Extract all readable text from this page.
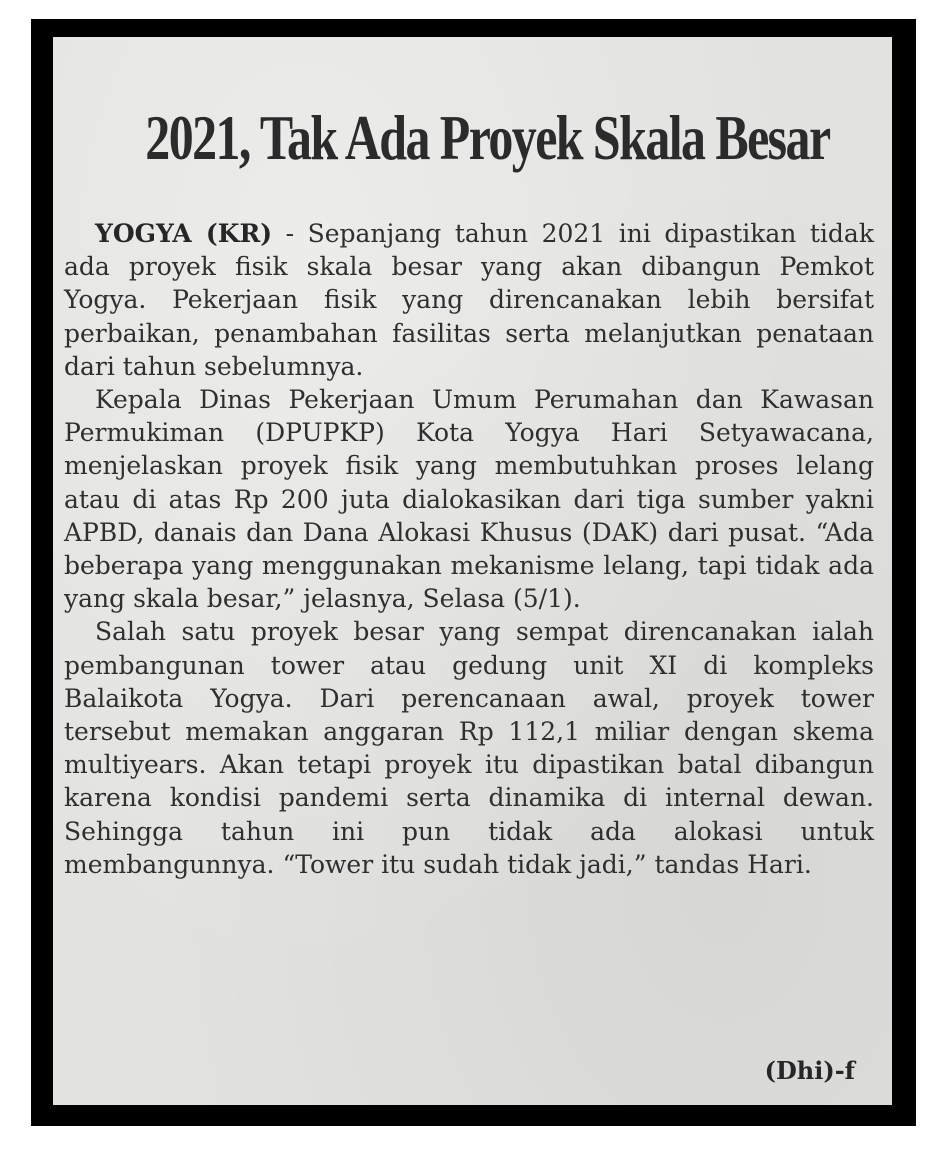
2021, Tak Ada Proyek Skala Besar

YOGYA (KR) - Sepanjang tahun 2021 ini dipastikan tidak ada proyek fisik skala besar yang akan dibangun Pemkot Yogya. Pekerjaan fisik yang direncanakan lebih bersifat perbaikan, penambahan fasilitas serta melanjutkan penataan dari tahun sebelumnya.

Kepala Dinas Pekerjaan Umum Perumahan dan Kawasan Permukiman (DPUPKP) Kota Yogya Hari Setyawacana, menjelaskan proyek fisik yang membutuhkan proses lelang atau di atas Rp 200 juta dialokasikan dari tiga sumber yakni APBD, danais dan Dana Alokasi Khusus (DAK) dari pusat. “Ada beberapa yang menggunakan mekanisme lelang, tapi tidak ada yang skala besar,” jelasnya, Selasa (5/1).

Salah satu proyek besar yang sempat direncanakan ialah pembangunan tower atau gedung unit XI di kompleks Balaikota Yogya. Dari perencanaan awal, proyek tower tersebut memakan anggaran Rp 112,1 miliar dengan skema multiyears. Akan tetapi proyek itu dipastikan batal dibangun karena kondisi pandemi serta dinamika di internal dewan. Sehingga tahun ini pun tidak ada alokasi untuk membangunnya. “Tower itu sudah tidak jadi,” tandas Hari.

(Dhi)-f
